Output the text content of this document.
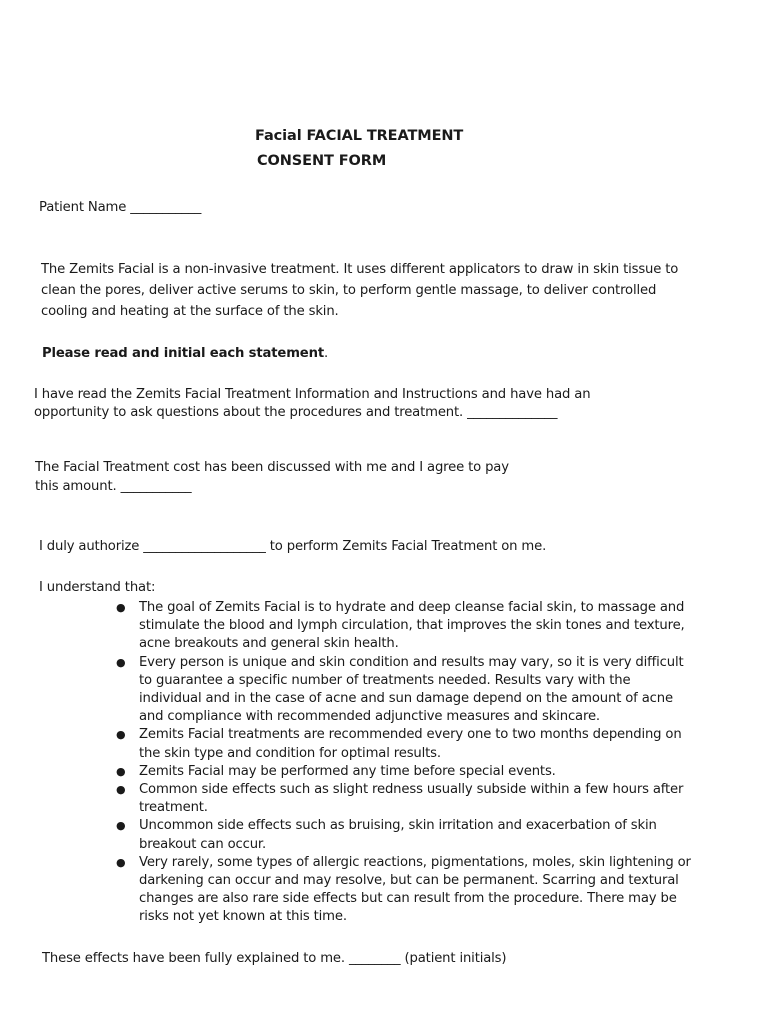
Facial FACIAL TREATMENT
CONSENT FORM
Patient Name ___________
The Zemits Facial is a non-invasive treatment. It uses different applicators to draw in skin tissue to
clean the pores, deliver active serums to skin, to perform gentle massage, to deliver controlled
cooling and heating at the surface of the skin.
Please read and initial each statement.
I have read the Zemits Facial Treatment Information and Instructions and have had an
opportunity to ask questions about the procedures and treatment. ______________
The Facial Treatment cost has been discussed with me and I agree to pay
this amount. ___________
I duly authorize ___________________ to perform Zemits Facial Treatment on me.
I understand that:
● The goal of Zemits Facial is to hydrate and deep cleanse facial skin, to massage and stimulate the blood and lymph circulation, that improves the skin tones and texture, acne breakouts and general skin health.
● Every person is unique and skin condition and results may vary, so it is very difficult to guarantee a specific number of treatments needed. Results vary with the individual and in the case of acne and sun damage depend on the amount of acne and compliance with recommended adjunctive measures and skincare.
● Zemits Facial treatments are recommended every one to two months depending on the skin type and condition for optimal results.
● Zemits Facial may be performed any time before special events.
● Common side effects such as slight redness usually subside within a few hours after treatment.
● Uncommon side effects such as bruising, skin irritation and exacerbation of skin breakout can occur.
● Very rarely, some types of allergic reactions, pigmentations, moles, skin lightening or darkening can occur and may resolve, but can be permanent. Scarring and textural changes are also rare side effects but can result from the procedure. There may be risks not yet known at this time.
These effects have been fully explained to me. ________ (patient initials)
